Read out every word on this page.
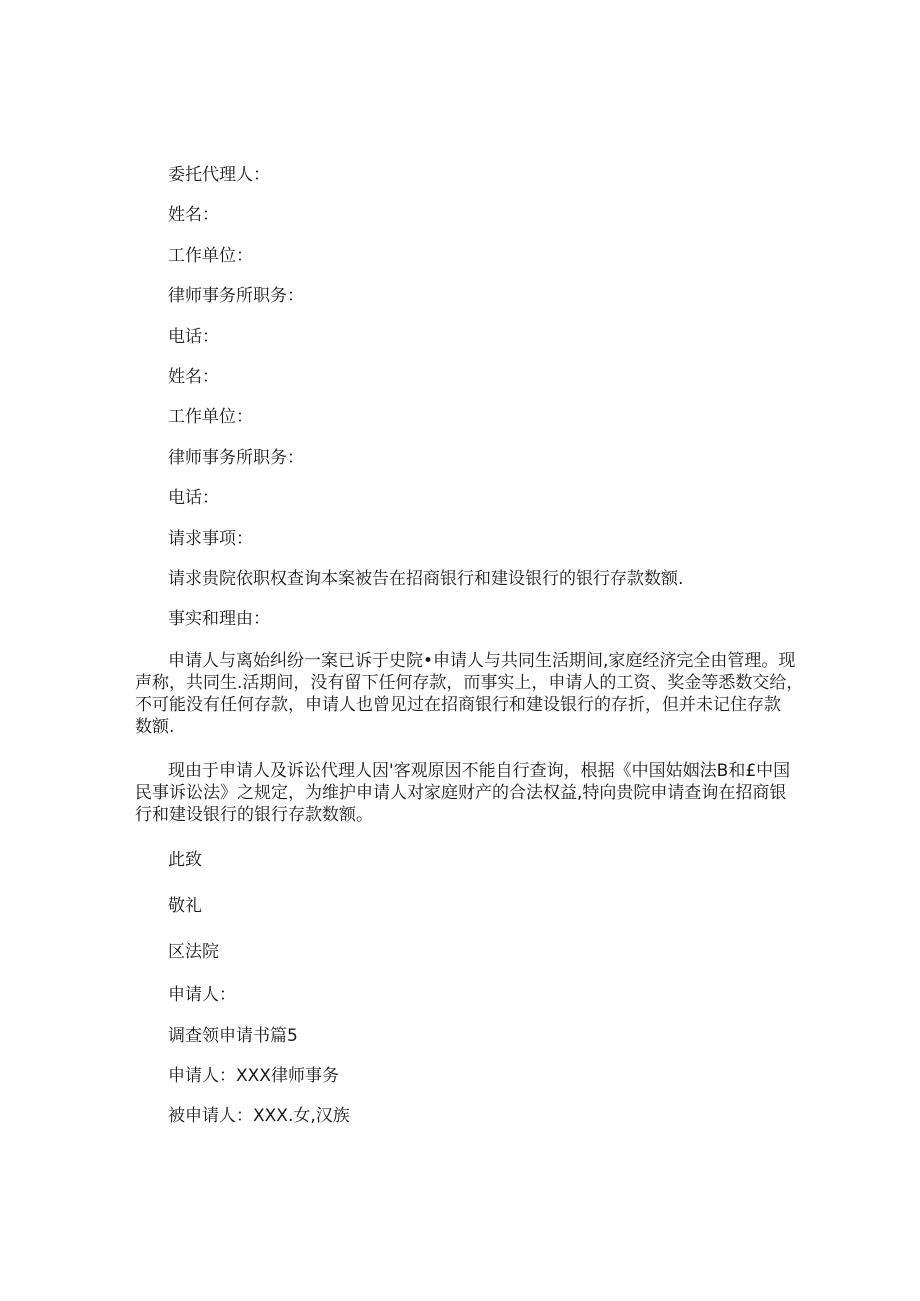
委托代理人：
姓名：
工作单位：
律师事务所职务：
电话：
姓名：
工作单位：
律师事务所职务：
电话：
请求事项：
请求贵院依职权查询本案被告在招商银行和建设银行的银行存款数额.
事实和理由：
申请人与离始纠纷一案已诉于史院•申请人与共同生活期间,家庭经济完全由管理。现
声称，共同生.活期间，没有留下任何存款，而事实上，申请人的工资、奖金等悉数交给，
不可能没有任何存款，申请人也曾见过在招商银行和建设银行的存折，但并未记住存款
数额.
现由于申请人及诉讼代理人因'客观原因不能自行查询，根据《中国姑姻法B和£中国
民事诉讼法》之规定，为维护申请人对家庭财产的合法权益,特向贵院申请查询在招商银
行和建设银行的银行存款数额。
此致
敬礼
区法院
申请人：
调查领申请书篇5
申请人：XXX律师事务
被申请人：XXX.女,汉族
